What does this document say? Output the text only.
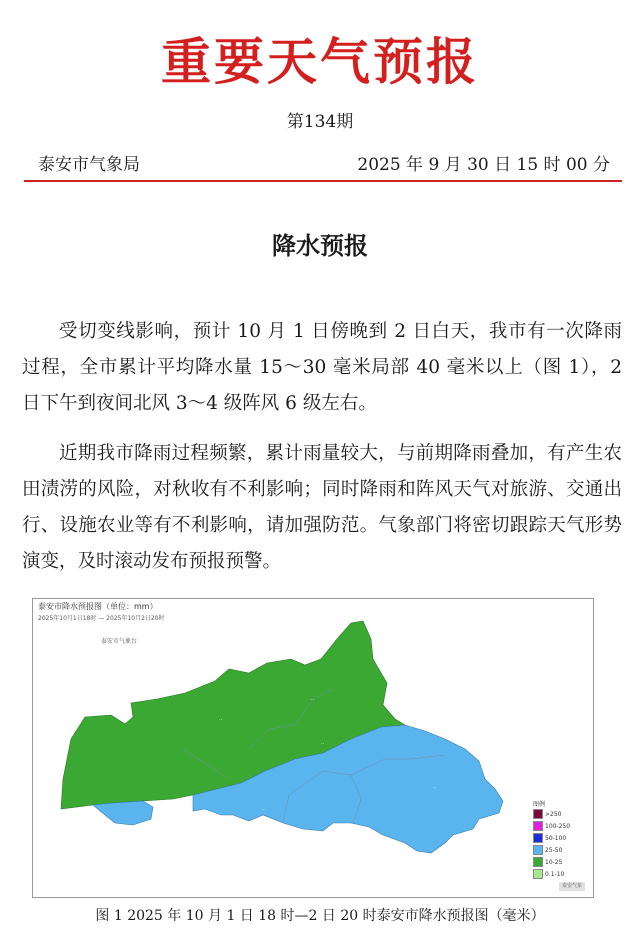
重要天气预报
第134期
泰安市气象局	2025 年 9 月 30 日 15 时 00 分
降水预报

受切变线影响，预计 10 月 1 日傍晚到 2 日白天，我市有一次降雨过程，全市累计平均降水量 15～30 毫米局部 40 毫米以上（图 1），2 日下午到夜间北风 3～4 级阵风 6 级左右。

近期我市降雨过程频繁，累计雨量较大，与前期降雨叠加，有产生农田渍涝的风险，对秋收有不利影响；同时降雨和阵风天气对旅游、交通出行、设施农业等有不利影响，请加强防范。气象部门将密切跟踪天气形势演变，及时滚动发布预报预警。

··
··
··
··
··
泰安市降水预报图（单位：mm）
2025年10月1日18时 — 2025年10月2日20时
泰安市气象台
图例
>250
100-250
50-100
25-50
10-25
0.1-10
泰安气象
图 1 2025 年 10 月 1 日 18 时—2 日 20 时泰安市降水预报图（毫米）
